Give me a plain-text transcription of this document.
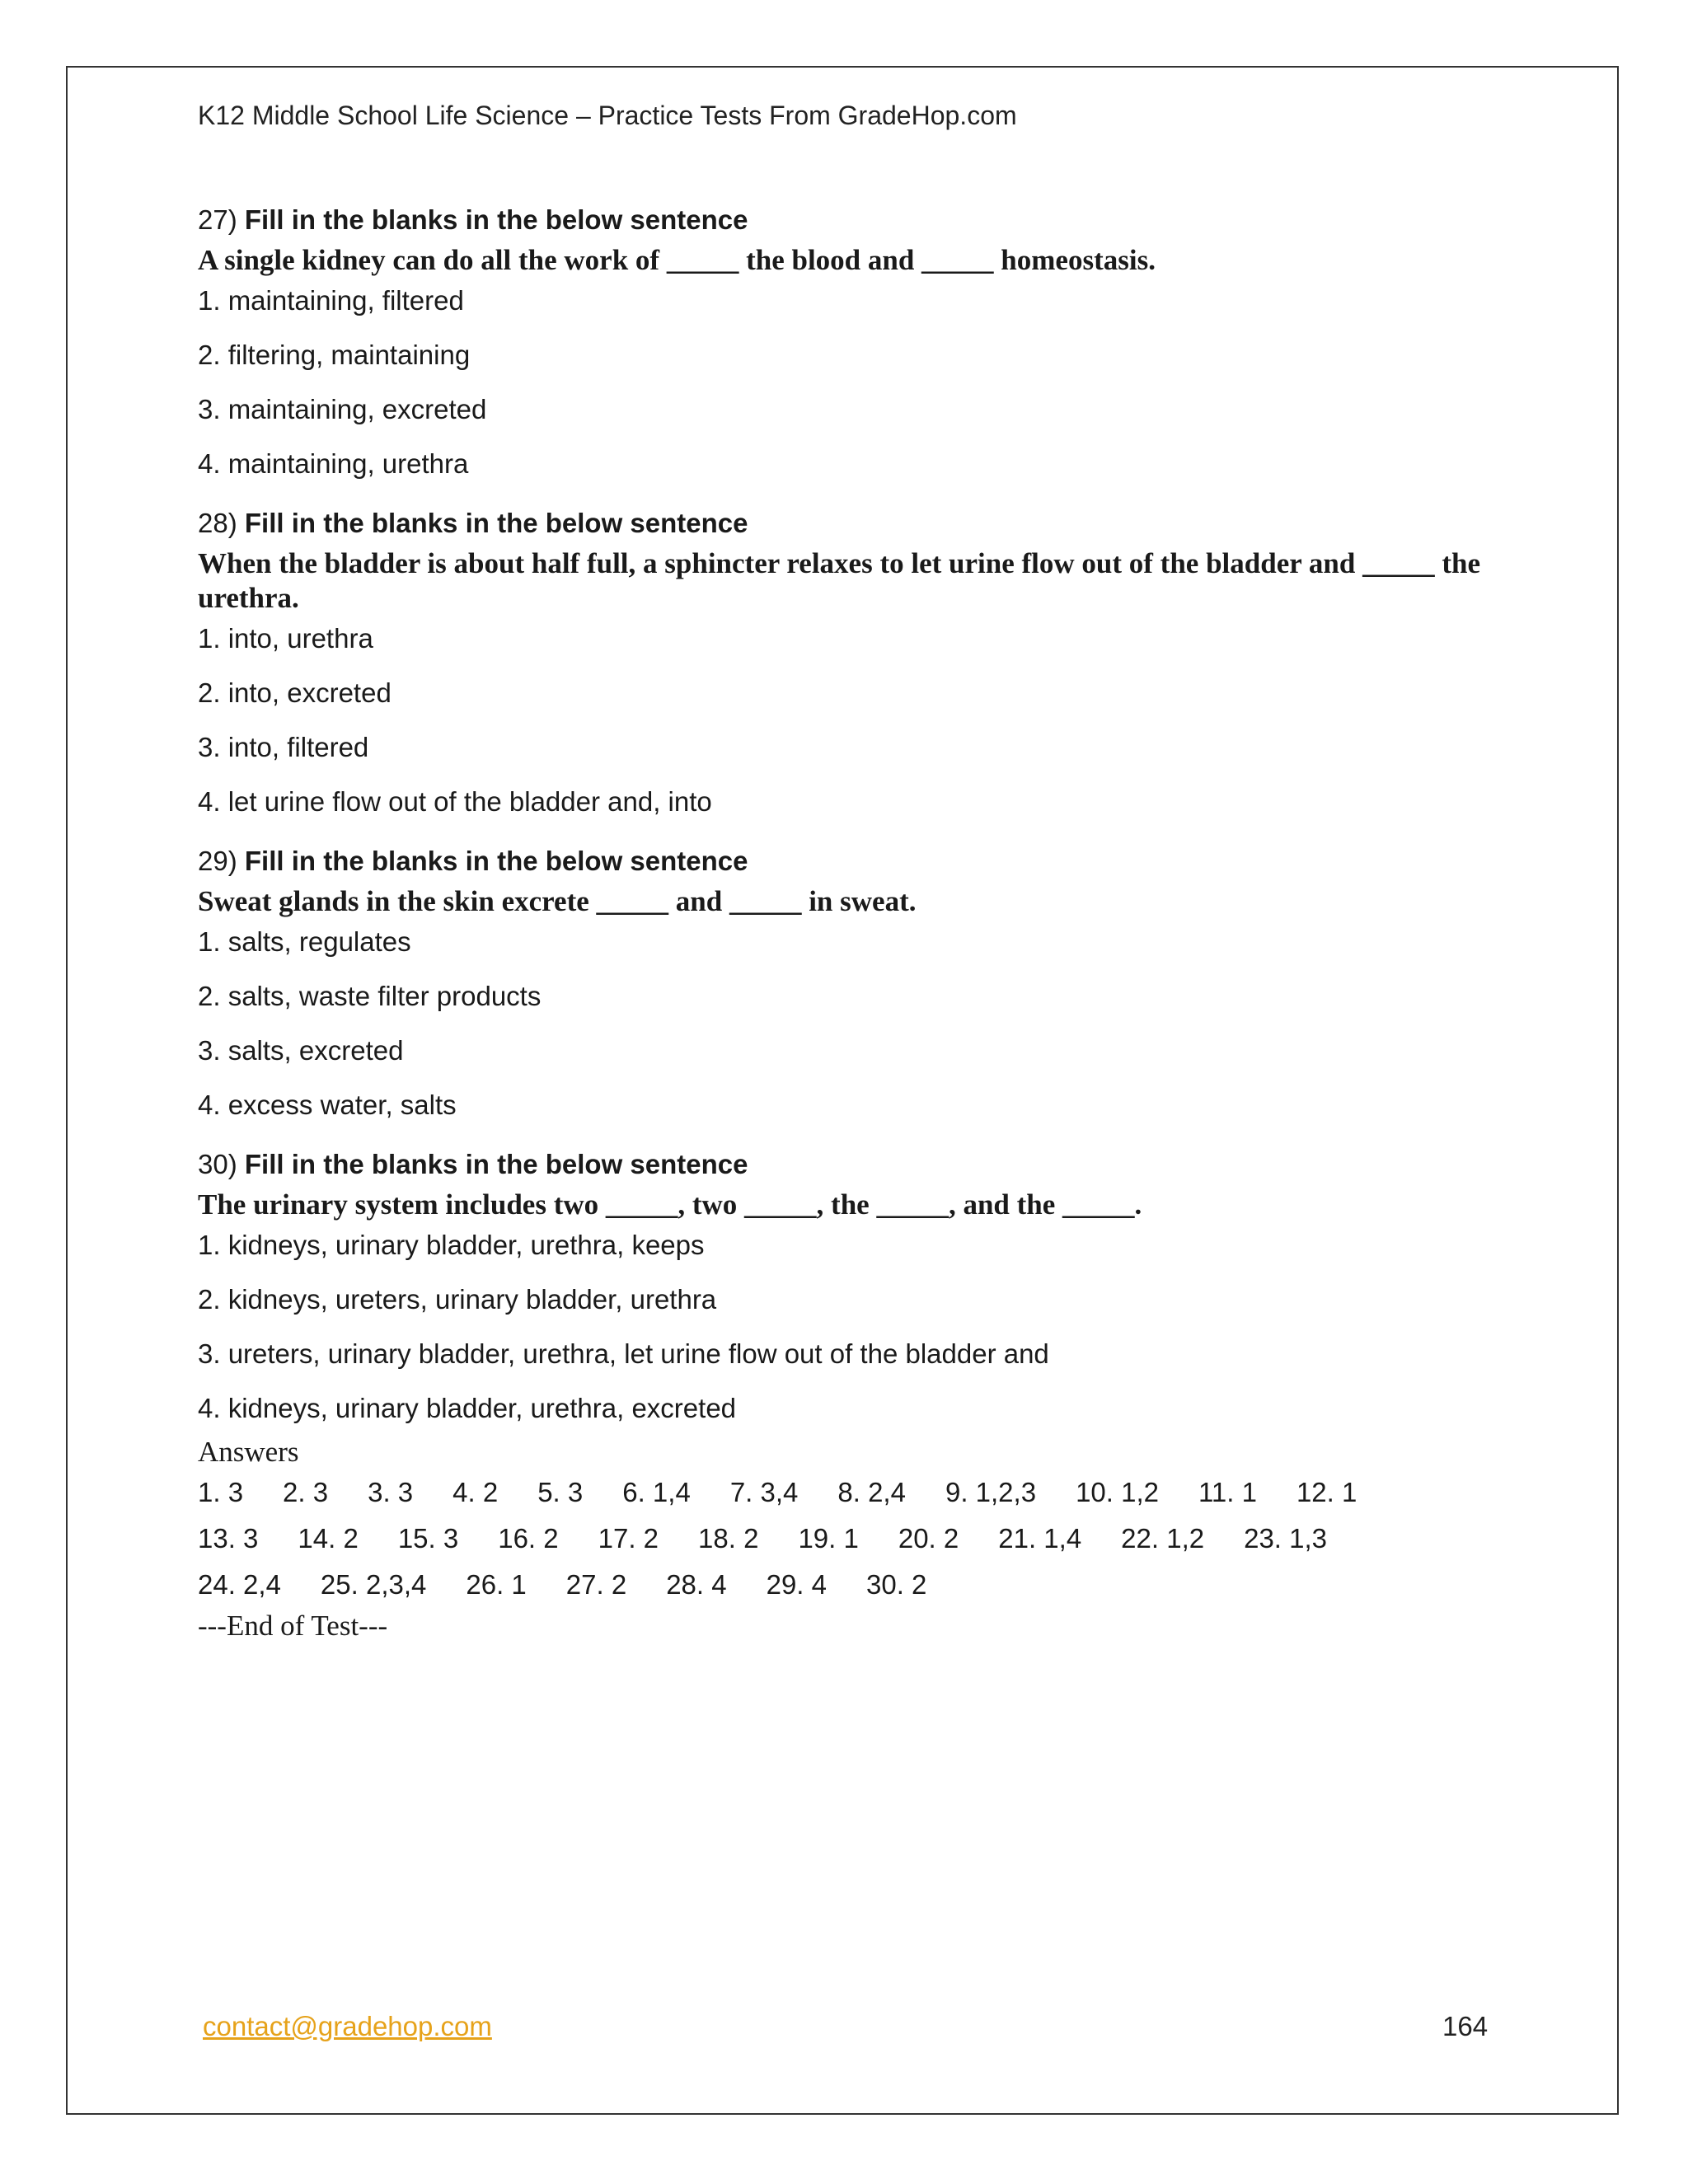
K12 Middle School Life Science – Practice Tests From GradeHop.com
27) Fill in the blanks in the below sentence
A single kidney can do all the work of _____ the blood and _____ homeostasis.
1. maintaining, filtered
2. filtering, maintaining
3. maintaining, excreted
4. maintaining, urethra
28) Fill in the blanks in the below sentence
When the bladder is about half full, a sphincter relaxes to let urine flow out of the bladder and _____ the urethra.
1. into, urethra
2. into, excreted
3. into, filtered
4. let urine flow out of the bladder and, into
29) Fill in the blanks in the below sentence
Sweat glands in the skin excrete _____ and _____ in sweat.
1. salts, regulates
2. salts, waste filter products
3. salts, excreted
4. excess water, salts
30) Fill in the blanks in the below sentence
The urinary system includes two _____, two _____, the _____, and the _____.
1. kidneys, urinary bladder, urethra, keeps
2. kidneys, ureters, urinary bladder, urethra
3. ureters, urinary bladder, urethra, let urine flow out of the bladder and
4. kidneys, urinary bladder, urethra, excreted
Answers
1. 3 2. 3 3. 3 4. 2 5. 3 6. 1,4 7. 3,4 8. 2,4 9. 1,2,3 10. 1,2 11. 1 12. 1
13. 3 14. 2 15. 3 16. 2 17. 2 18. 2 19. 1 20. 2 21. 1,4 22. 1,2 23. 1,3
24. 2,4 25. 2,3,4 26. 1 27. 2 28. 4 29. 4 30. 2
---End of Test---
contact@gradehop.com	164
